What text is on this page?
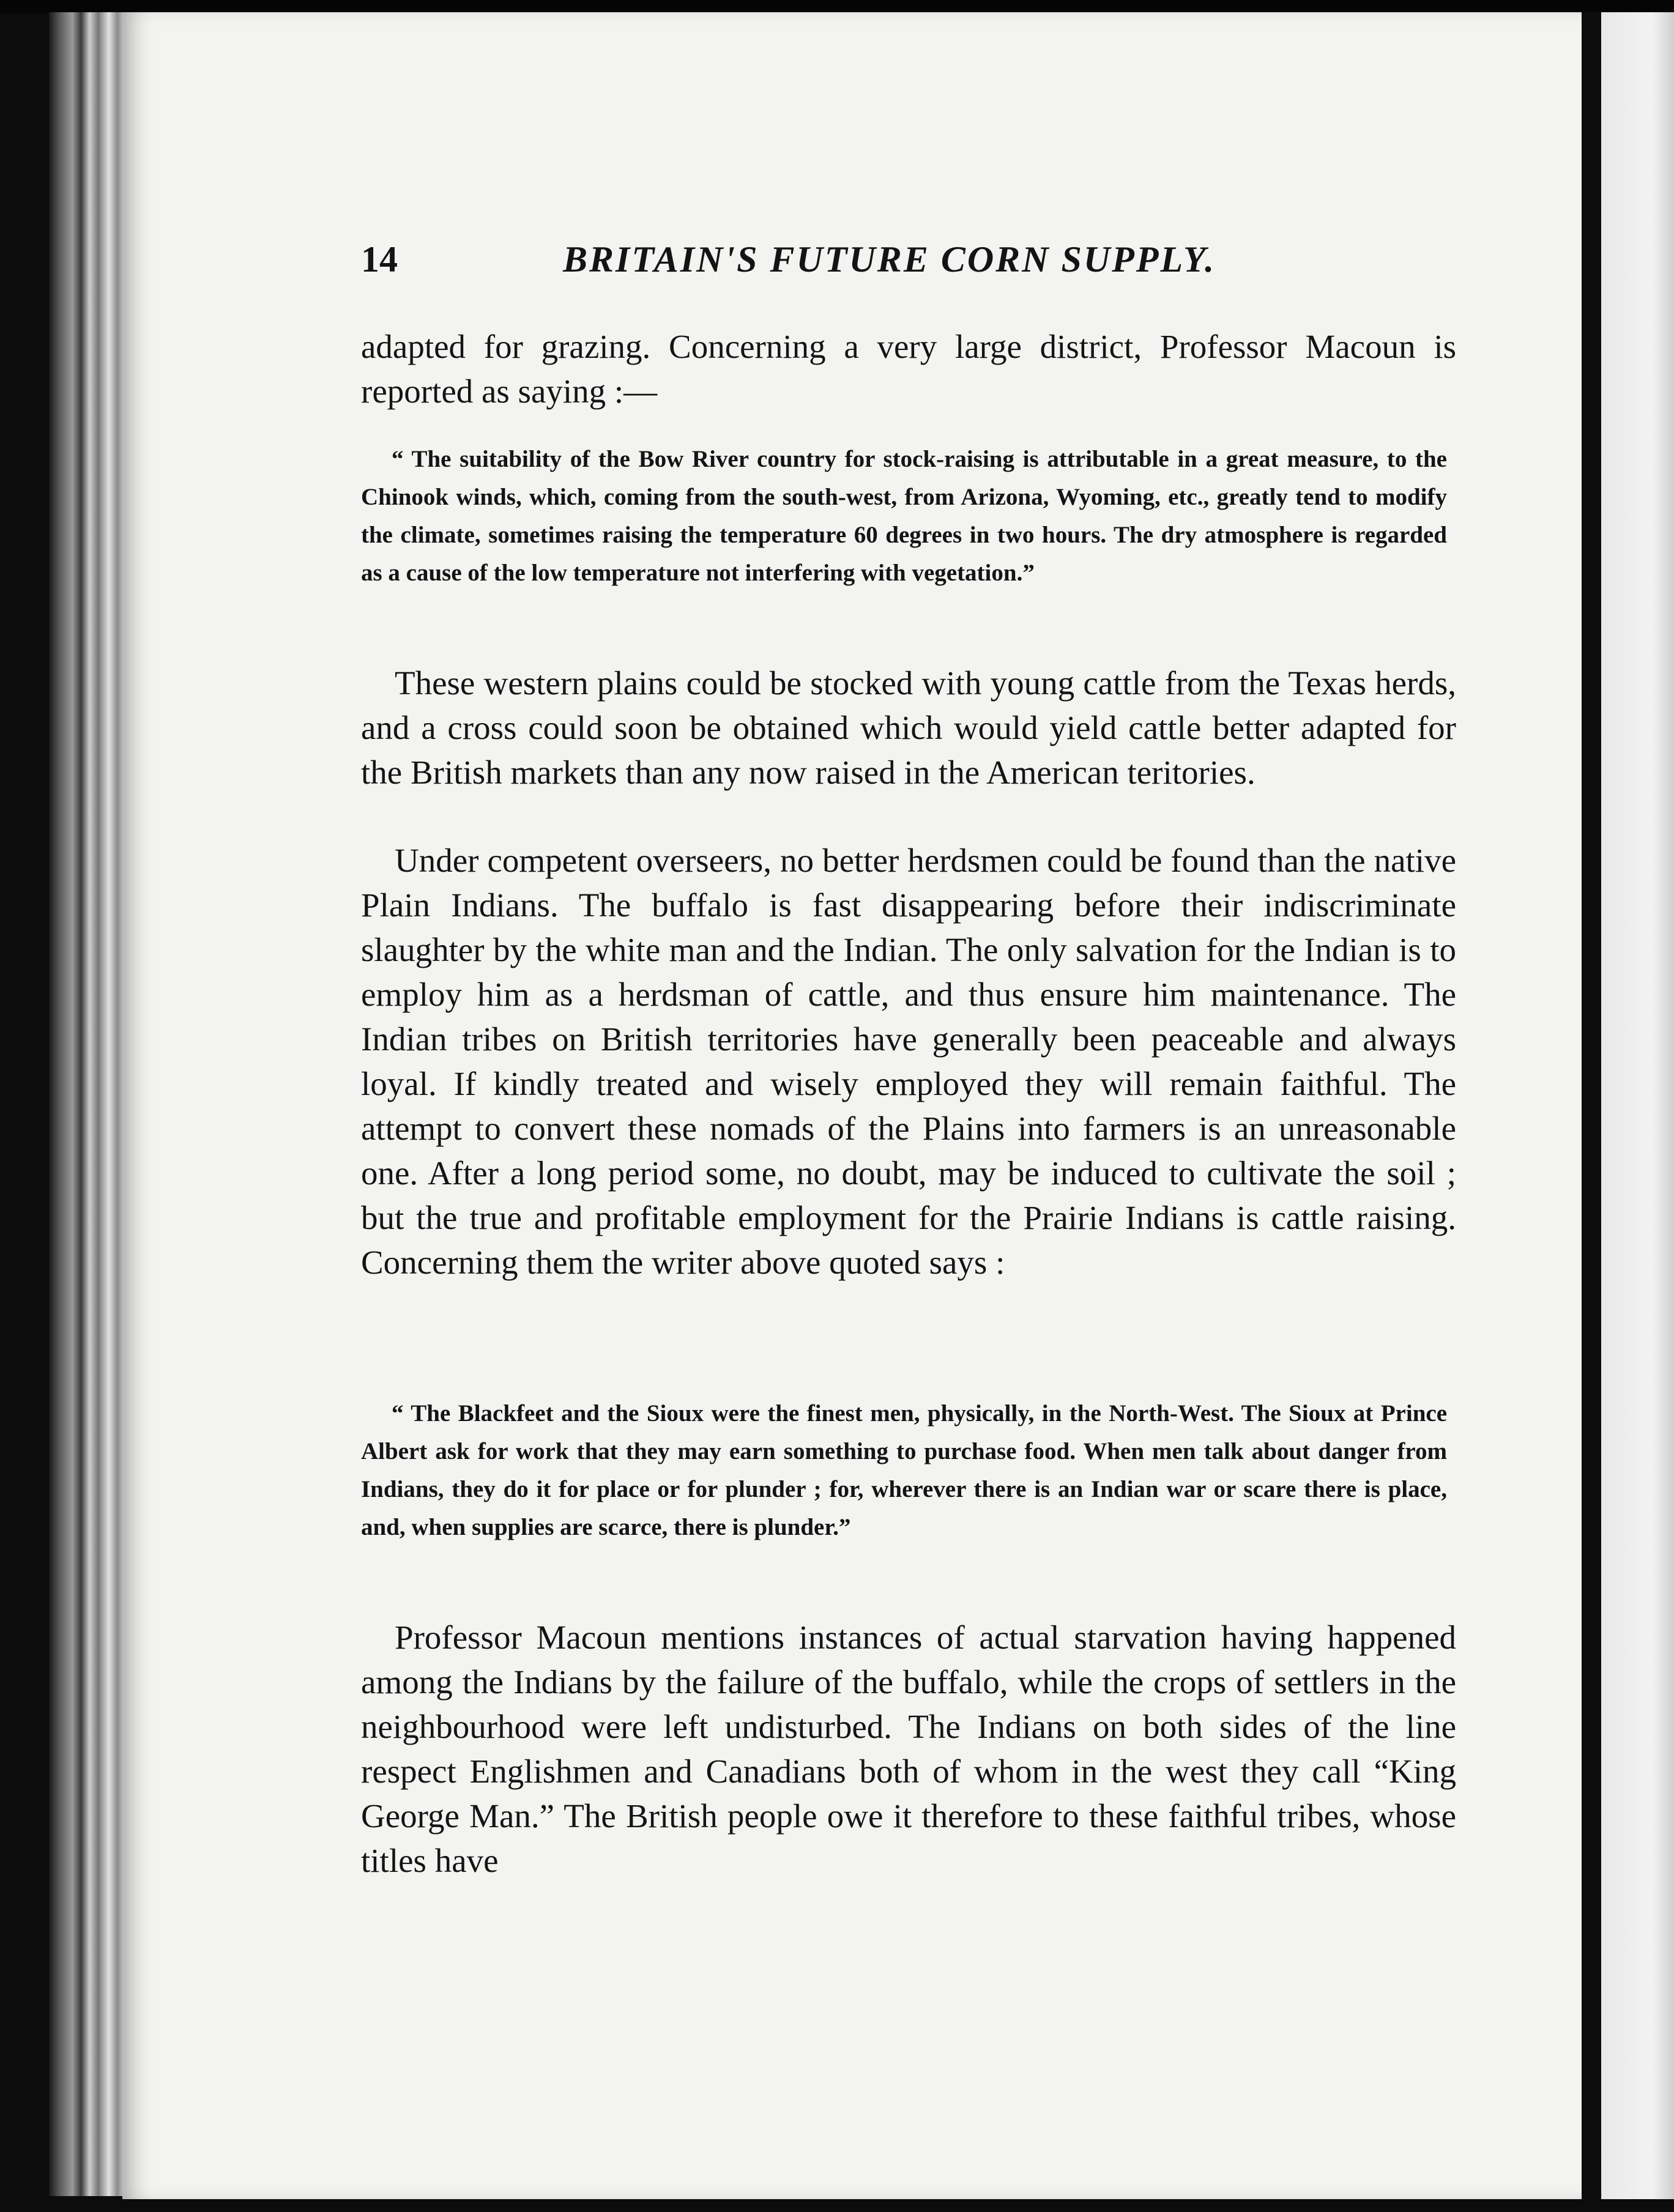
14	BRITAIN'S FUTURE CORN SUPPLY.

adapted for grazing. Concerning a very large district, Professor Macoun is reported as saying :—

“ The suitability of the Bow River country for stock-raising is attributable in a great measure, to the Chinook winds, which, coming from the south-west, from Arizona, Wyoming, etc., greatly tend to modify the climate, sometimes raising the temperature 60 degrees in two hours. The dry atmosphere is regarded as a cause of the low temperature not interfering with vegetation.”

These western plains could be stocked with young cattle from the Texas herds, and a cross could soon be obtained which would yield cattle better adapted for the British markets than any now raised in the American teritories.

Under competent overseers, no better herdsmen could be found than the native Plain Indians. The buffalo is fast disappearing before their indiscriminate slaughter by the white man and the Indian. The only salvation for the Indian is to employ him as a herdsman of cattle, and thus ensure him maintenance. The Indian tribes on British territories have generally been peaceable and always loyal. If kindly treated and wisely employed they will remain faithful. The attempt to convert these nomads of the Plains into farmers is an unreasonable one. After a long period some, no doubt, may be induced to cultivate the soil ; but the true and profitable employment for the Prairie Indians is cattle raising. Concerning them the writer above quoted says :

“ The Blackfeet and the Sioux were the finest men, physically, in the North-West. The Sioux at Prince Albert ask for work that they may earn something to purchase food. When men talk about danger from Indians, they do it for place or for plunder ; for, wherever there is an Indian war or scare there is place, and, when supplies are scarce, there is plunder.”

Professor Macoun mentions instances of actual starvation having happened among the Indians by the failure of the buffalo, while the crops of settlers in the neighbourhood were left undisturbed. The Indians on both sides of the line respect Englishmen and Canadians both of whom in the west they call “King George Man.” The British people owe it therefore to these faithful tribes, whose titles have
